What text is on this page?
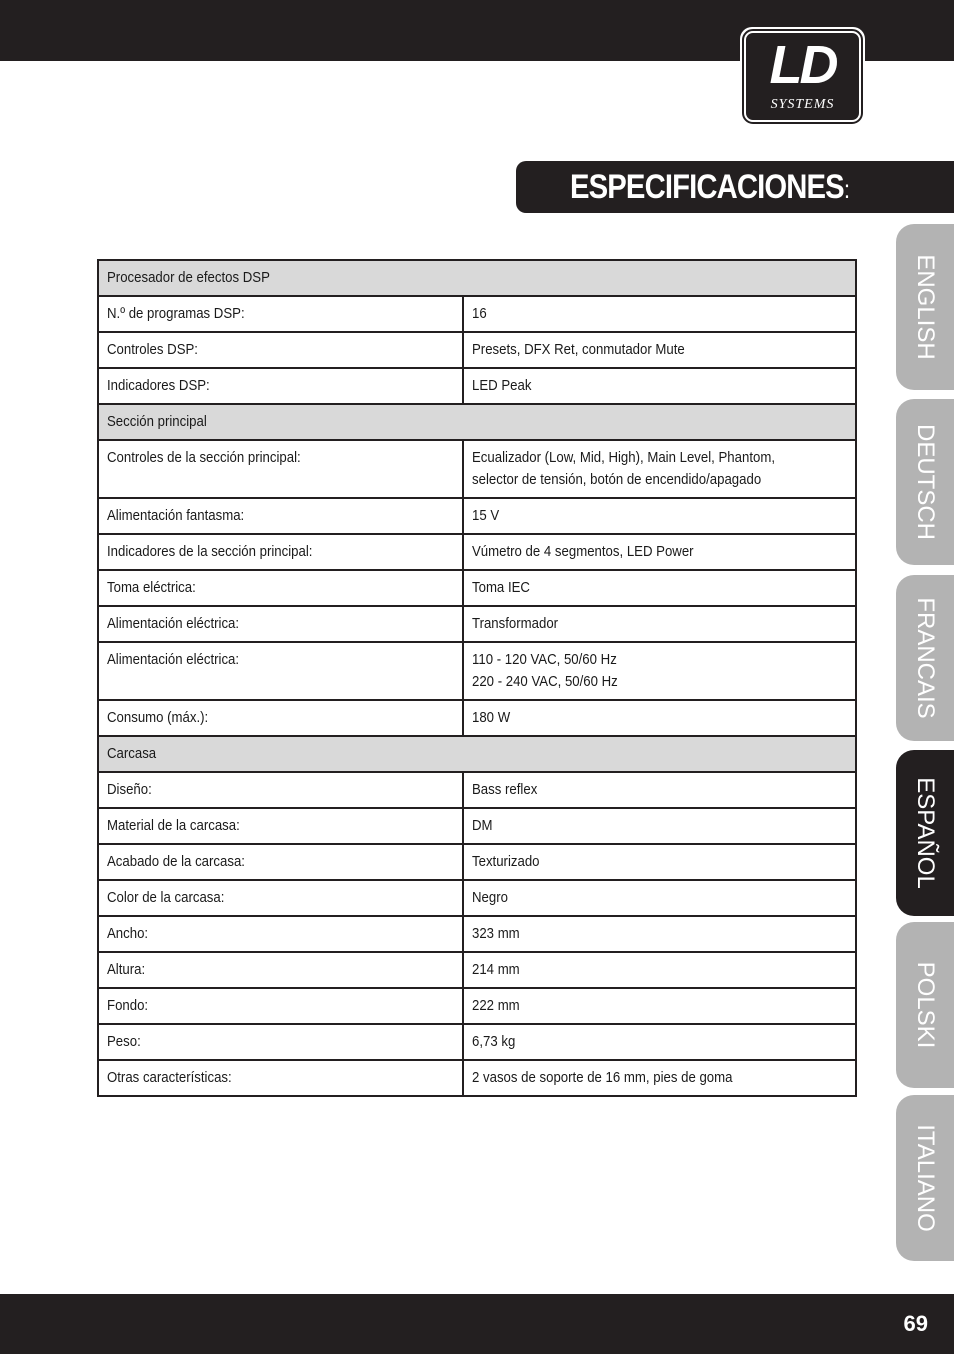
LD
SYSTEMS
ESPECIFICACIONES:
Procesador de efectos DSP	
N.º de programas DSP:	16

Controles DSP:	Presets, DFX Ret, conmutador Mute

Indicadores DSP:	LED Peak

Sección principal	
Controles de la sección principal:	Ecualizador (Low, Mid, High), Main Level, Phantom,
selector de tensión, botón de encendido/apagado

Alimentación fantasma:	15 V

Indicadores de la sección principal:	Vúmetro de 4 segmentos, LED Power

Toma eléctrica:	Toma IEC

Alimentación eléctrica:	Transformador

Alimentación eléctrica:	110 - 120 VAC, 50/60 Hz
220 - 240 VAC, 50/60 Hz

Consumo (máx.):	180 W

Carcasa	
Diseño:	Bass reflex

Material de la carcasa:	DM

Acabado de la carcasa:	Texturizado

Color de la carcasa:	Negro

Ancho:	323 mm

Altura:	214 mm

Fondo:	222 mm

Peso:	6,73 kg

Otras características:	2 vasos de soporte de 16 mm, pies de goma
ENGLISH
DEUTSCH
FRANCAIS
ESPAÑOL
POLSKI
ITALIANO
69
